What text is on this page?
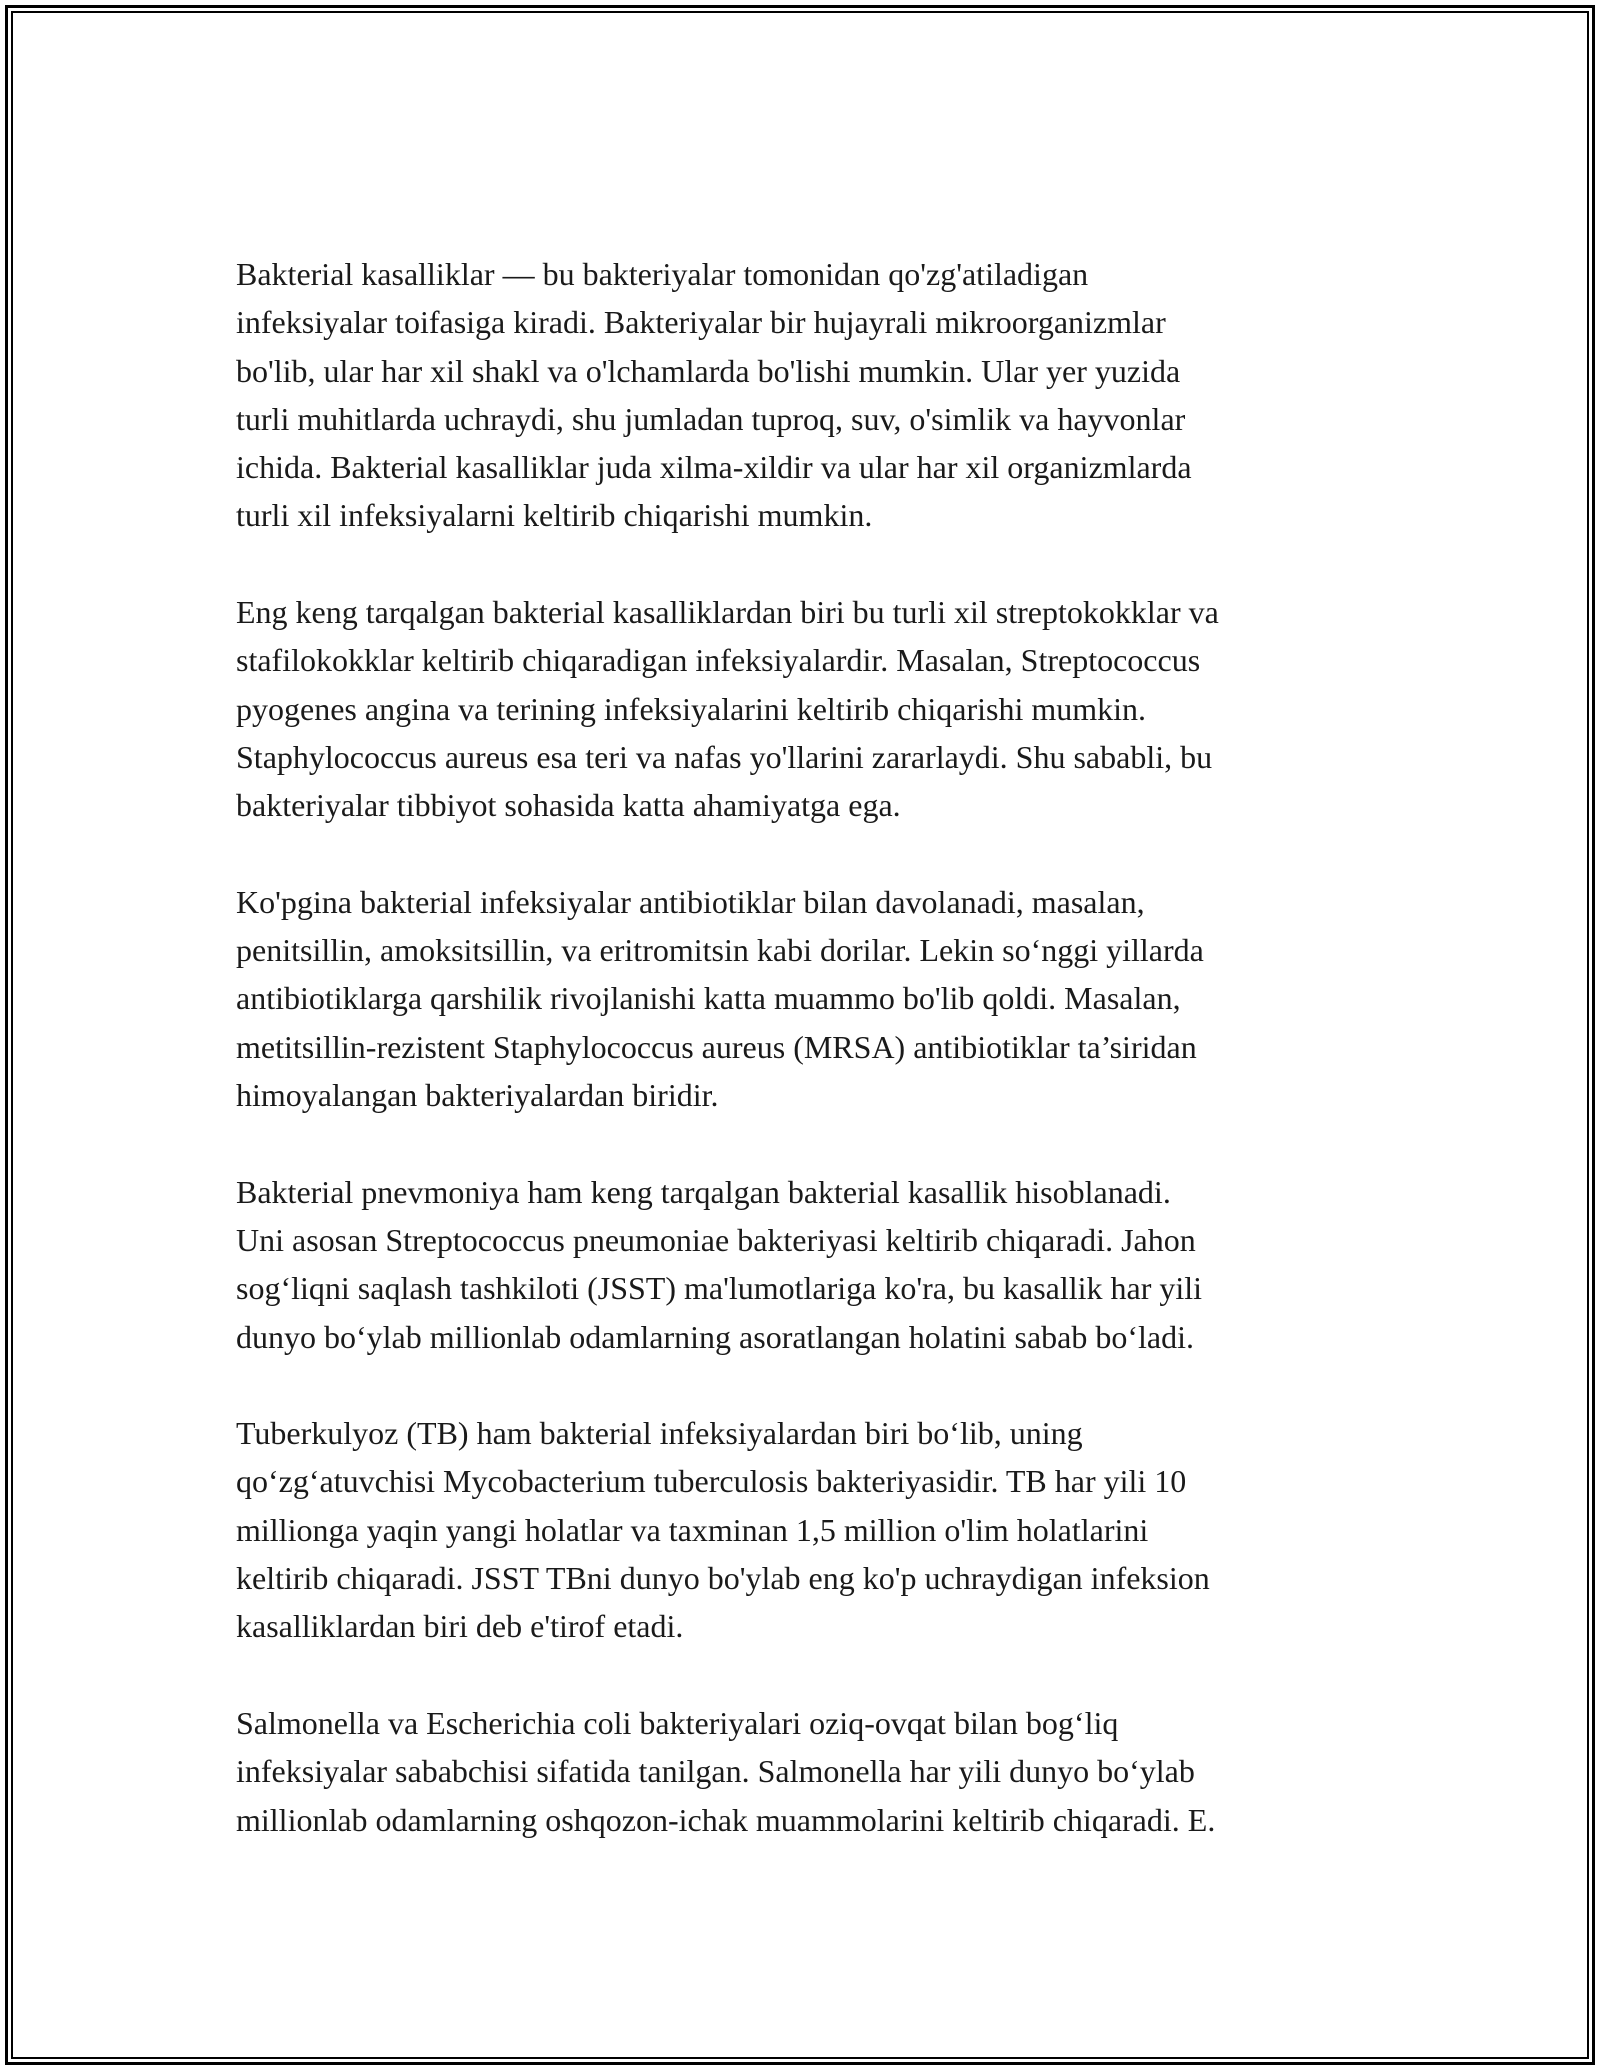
Bakterial kasalliklar — bu bakteriyalar tomonidan qo'zg'atiladigan
infeksiyalar toifasiga kiradi. Bakteriyalar bir hujayrali mikroorganizmlar
bo'lib, ular har xil shakl va o'lchamlarda bo'lishi mumkin. Ular yer yuzida
turli muhitlarda uchraydi, shu jumladan tuproq, suv, o'simlik va hayvonlar
ichida. Bakterial kasalliklar juda xilma-xildir va ular har xil organizmlarda
turli xil infeksiyalarni keltirib chiqarishi mumkin.

Eng keng tarqalgan bakterial kasalliklardan biri bu turli xil streptokokklar va
stafilokokklar keltirib chiqaradigan infeksiyalardir. Masalan, Streptococcus
pyogenes angina va terining infeksiyalarini keltirib chiqarishi mumkin.
Staphylococcus aureus esa teri va nafas yo'llarini zararlaydi. Shu sababli, bu
bakteriyalar tibbiyot sohasida katta ahamiyatga ega.

Ko'pgina bakterial infeksiyalar antibiotiklar bilan davolanadi, masalan,
penitsillin, amoksitsillin, va eritromitsin kabi dorilar. Lekin so‘nggi yillarda
antibiotiklarga qarshilik rivojlanishi katta muammo bo'lib qoldi. Masalan,
metitsillin-rezistent Staphylococcus aureus (MRSA) antibiotiklar ta’siridan
himoyalangan bakteriyalardan biridir.

Bakterial pnevmoniya ham keng tarqalgan bakterial kasallik hisoblanadi.
Uni asosan Streptococcus pneumoniae bakteriyasi keltirib chiqaradi. Jahon
sog‘liqni saqlash tashkiloti (JSST) ma'lumotlariga ko'ra, bu kasallik har yili
dunyo bo‘ylab millionlab odamlarning asoratlangan holatini sabab bo‘ladi.

Tuberkulyoz (TB) ham bakterial infeksiyalardan biri bo‘lib, uning
qo‘zg‘atuvchisi Mycobacterium tuberculosis bakteriyasidir. TB har yili 10
millionga yaqin yangi holatlar va taxminan 1,5 million o'lim holatlarini
keltirib chiqaradi. JSST TBni dunyo bo'ylab eng ko'p uchraydigan infeksion
kasalliklardan biri deb e'tirof etadi.

Salmonella va Escherichia coli bakteriyalari oziq-ovqat bilan bog‘liq
infeksiyalar sababchisi sifatida tanilgan. Salmonella har yili dunyo bo‘ylab
millionlab odamlarning oshqozon-ichak muammolarini keltirib chiqaradi. E.
